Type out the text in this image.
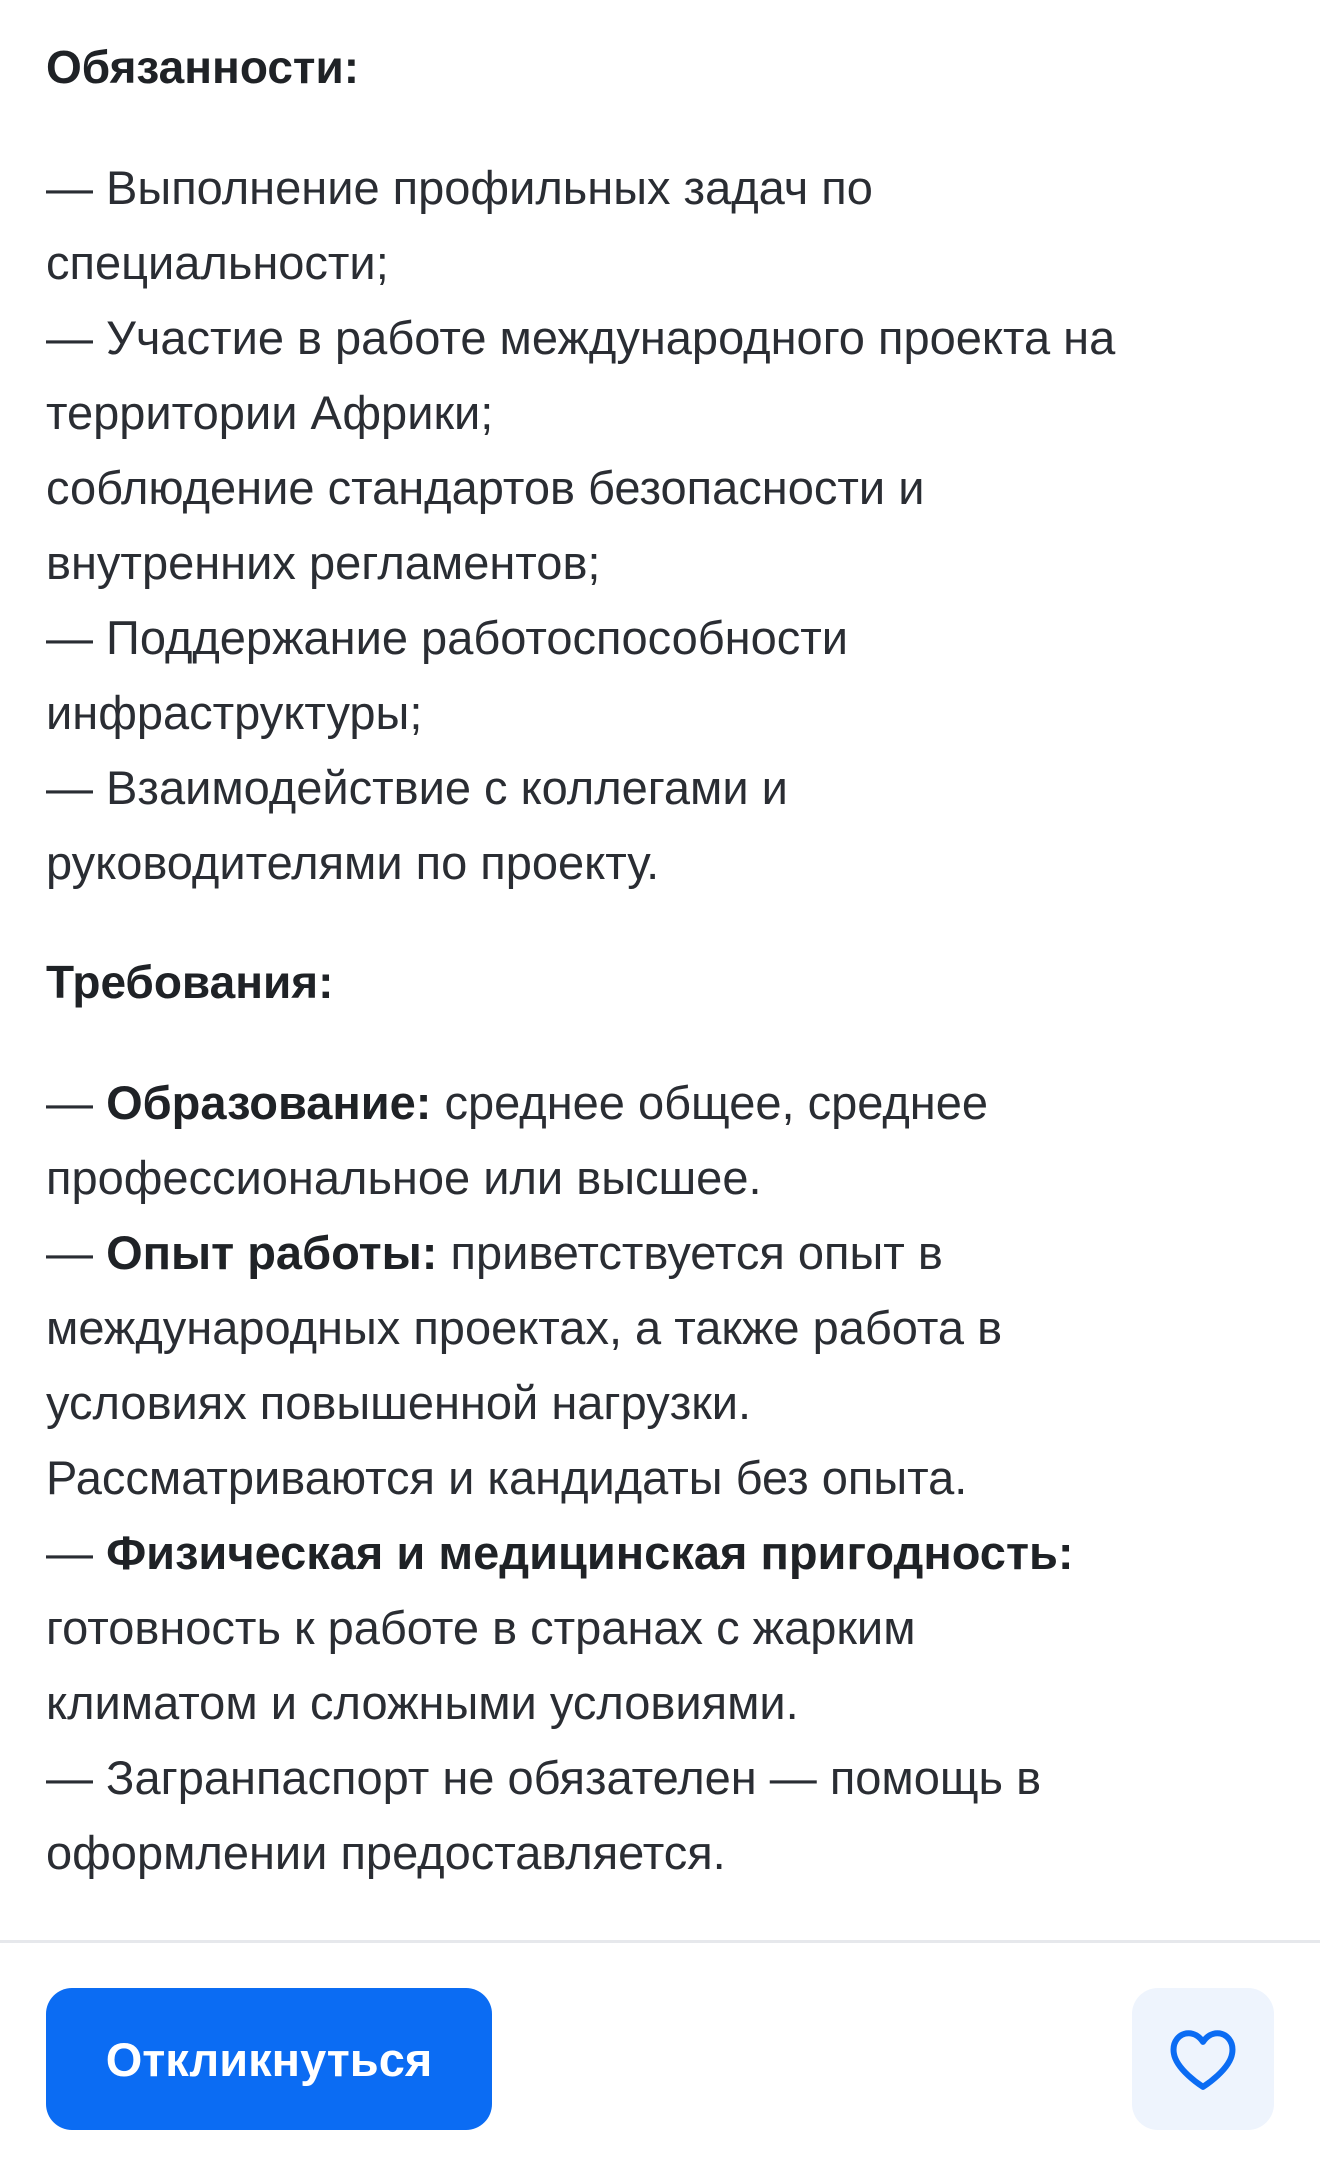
Обязанности:
— Выполнение профильных задач по
специальности;
— Участие в работе международного проекта на
территории Африки;
соблюдение стандартов безопасности и
внутренних регламентов;
— Поддержание работоспособности
инфраструктуры;
— Взаимодействие с коллегами и
руководителями по проекту.
Требования:
— Образование: среднее общее, среднее
профессиональное или высшее.
— Опыт работы: приветствуется опыт в
международных проектах, а также работа в
условиях повышенной нагрузки.
Рассматриваются и кандидаты без опыта.
— Физическая и медицинская пригодность:
готовность к работе в странах с жарким
климатом и сложными условиями.
— Загранпаспорт не обязателен — помощь в
оформлении предоставляется.
Откликнуться
